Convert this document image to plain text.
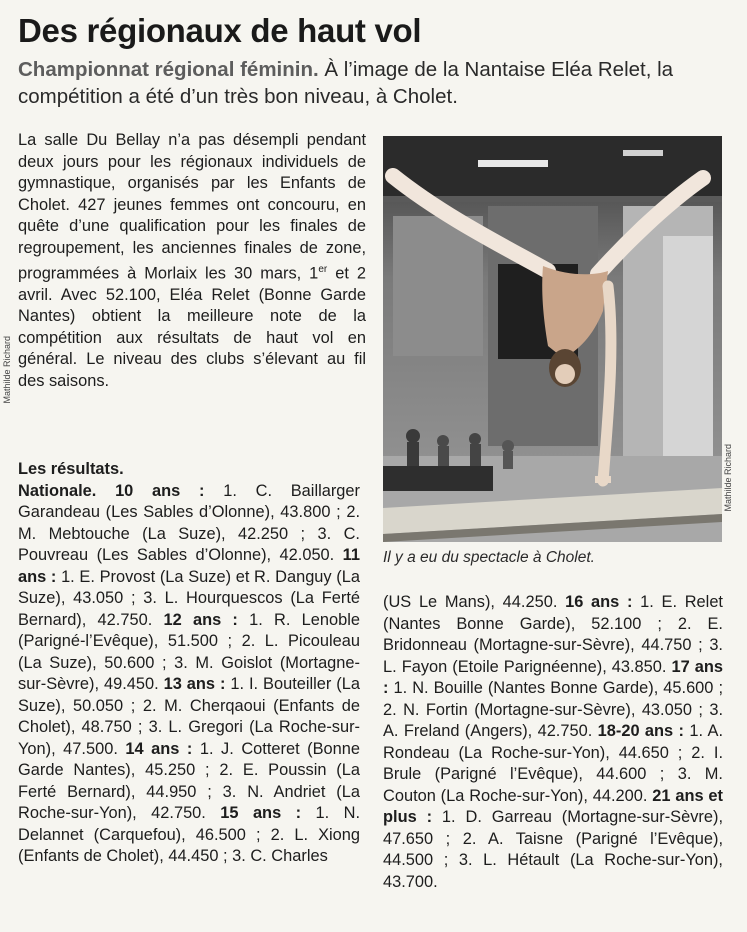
Des régionaux de haut vol
Championnat régional féminin. À l’image de la Nantaise Eléa Relet, la compétition a été d’un très bon niveau, à Cholet.
Mathilde Richard

La salle Du Bellay n’a pas désempli pendant deux jours pour les régionaux individuels de gymnastique, organisés par les Enfants de Cholet. 427 jeunes femmes ont concouru, en quête d’une qualification pour les finales de regroupement, les anciennes finales de zone, programmées à Morlaix les 30 mars, 1er et 2 avril. Avec 52.100, Eléa Relet (Bonne Garde Nantes) obtient la meilleure note de la compétition aux résultats de haut vol en général. Le niveau des clubs s’élevant au fil des saisons.

Mathilde Richard
Il y a eu du spectacle à Cholet.

Les résultats.

Nationale. 10 ans : 1. C. Baillarger Garandeau (Les Sables d’Olonne), 43.800 ; 2. M. Mebtouche (La Suze), 42.250 ; 3. C. Pouvreau (Les Sables d’Olonne), 42.050. 11 ans : 1. E. Provost (La Suze) et R. Danguy (La Suze), 43.050 ; 3. L. Hourquescos (La Ferté Bernard), 42.750. 12 ans : 1. R. Lenoble (Parigné-l’Evêque), 51.500 ; 2. L. Picouleau (La Suze), 50.600 ; 3. M. Goislot (Mortagne-sur-Sèvre), 49.450. 13 ans : 1. I. Bouteiller (La Suze), 50.050 ; 2. M. Cherqaoui (Enfants de Cholet), 48.750 ; 3. L. Gregori (La Roche-sur-Yon), 47.500. 14 ans : 1. J. Cotteret (Bonne Garde Nantes), 45.250 ; 2. E. Poussin (La Ferté Bernard), 44.950 ; 3. N. Andriet (La Roche-sur-Yon), 42.750. 15 ans : 1. N. Delannet (Carquefou), 46.500 ; 2. L. Xiong (Enfants de Cholet), 44.450 ; 3. C. Charles

(US Le Mans), 44.250. 16 ans : 1. E. Relet (Nantes Bonne Garde), 52.100 ; 2. E. Bridonneau (Mortagne-sur-Sèvre), 44.750 ; 3. L. Fayon (Etoile Parignéenne), 43.850. 17 ans : 1. N. Bouille (Nantes Bonne Garde), 45.600 ; 2. N. Fortin (Mortagne-sur-Sèvre), 43.050 ; 3. A. Freland (Angers), 42.750. 18-20 ans : 1. A. Rondeau (La Roche-sur-Yon), 44.650 ; 2. I. Brule (Parigné l’Evêque), 44.600 ; 3. M. Couton (La Roche-sur-Yon), 44.200. 21 ans et plus : 1. D. Garreau (Mortagne-sur-Sèvre), 47.650 ; 2. A. Taisne (Parigné l’Evêque), 44.500 ; 3. L. Hétault (La Roche-sur-Yon), 43.700.
